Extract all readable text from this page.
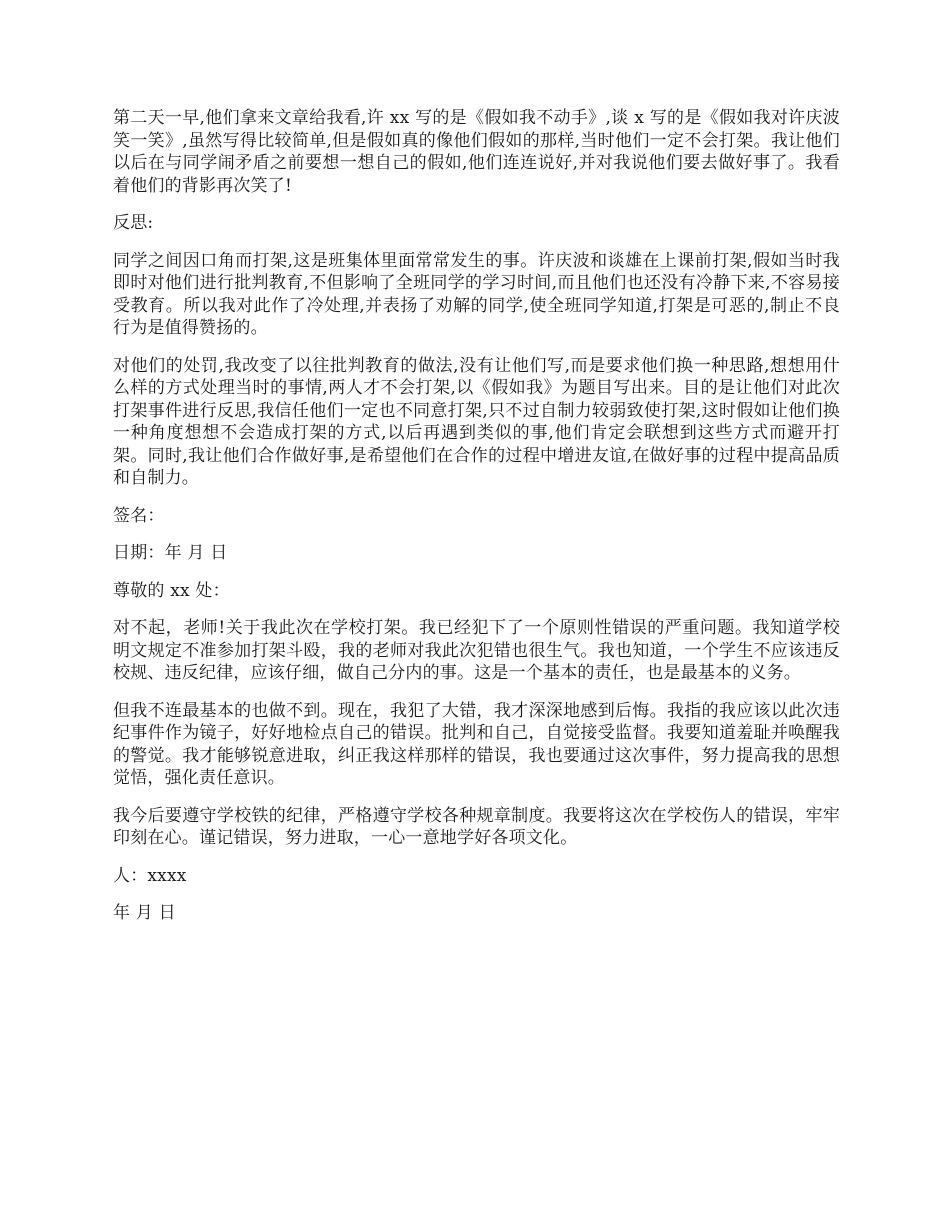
第二天一早,他们拿来文章给我看,许 xx 写的是《假如我不动手》,谈 x 写的是《假如我对许庆波笑一笑》,虽然写得比较简单,但是假如真的像他们假如的那样,当时他们一定不会打架。我让他们以后在与同学闹矛盾之前要想一想自己的假如,他们连连说好,并对我说他们要去做好事了。我看着他们的背影再次笑了!

反思:

同学之间因口角而打架,这是班集体里面常常发生的事。许庆波和谈雄在上课前打架,假如当时我即时对他们进行批判教育,不但影响了全班同学的学习时间,而且他们也还没有冷静下来,不容易接受教育。所以我对此作了冷处理,并表扬了劝解的同学,使全班同学知道,打架是可恶的,制止不良行为是值得赞扬的。

对他们的处罚,我改变了以往批判教育的做法,没有让他们写,而是要求他们换一种思路,想想用什么样的方式处理当时的事情,两人才不会打架,以《假如我》为题目写出来。目的是让他们对此次打架事件进行反思,我信任他们一定也不同意打架,只不过自制力较弱致使打架,这时假如让他们换一种角度想想不会造成打架的方式,以后再遇到类似的事,他们肯定会联想到这些方式而避开打架。同时,我让他们合作做好事,是希望他们在合作的过程中增进友谊,在做好事的过程中提高品质和自制力。

签名：

日期：年 月 日

尊敬的 xx 处：

对不起，老师!关于我此次在学校打架。我已经犯下了一个原则性错误的严重问题。我知道学校明文规定不准参加打架斗殴，我的老师对我此次犯错也很生气。我也知道，一个学生不应该违反校规、违反纪律，应该仔细，做自己分内的事。这是一个基本的责任，也是最基本的义务。

但我不连最基本的也做不到。现在，我犯了大错，我才深深地感到后悔。我指的我应该以此次违纪事件作为镜子，好好地检点自己的错误。批判和自己，自觉接受监督。我要知道羞耻并唤醒我的警觉。我才能够锐意进取，纠正我这样那样的错误，我也要通过这次事件，努力提高我的思想觉悟，强化责任意识。

我今后要遵守学校铁的纪律，严格遵守学校各种规章制度。我要将这次在学校伤人的错误，牢牢印刻在心。谨记错误，努力进取，一心一意地学好各项文化。

人：xxxx

年 月 日
